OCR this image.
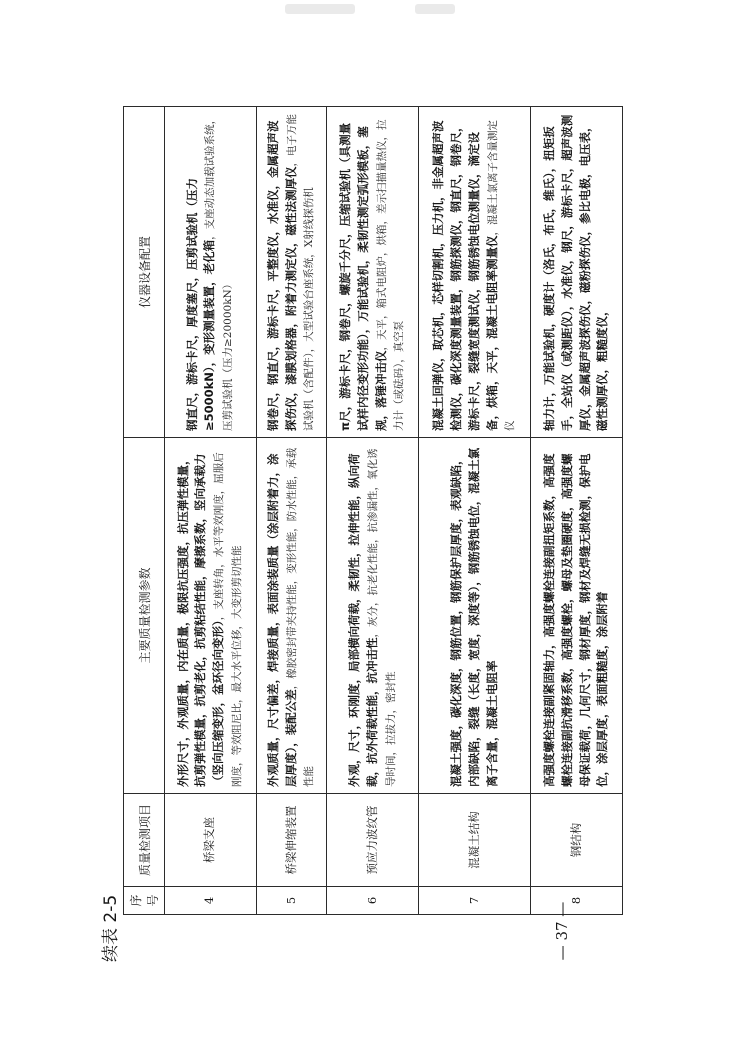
序号	质量检测项目	主要质量检测参数	仪器设备配置
4	桥梁支座	外形尺寸，外观质量，内在质量，极限抗压强度，抗压弹性模量，抗剪弹性模量，抗剪老化，抗剪粘结性能，摩擦系数，竖向承载力（竖向压缩变形，盆环径向变形），支座转角，水平等效刚度，屈服后刚度，等效阻尼比，最大水平位移，大变形剪切性能	钢直尺，游标卡尺，厚度塞尺，压剪试验机（压力≥5000kN），变形测量装置，老化箱，支座动态加载试验系统，压剪试验机（压力≥20000kN）
5	桥梁伸缩装置	外观质量，尺寸偏差，焊接质量，表面涂装质量（涂层附着力，涂层厚度），装配公差，橡胶密封带夹持性能，变形性能，防水性能，承载性能	钢卷尺，钢直尺，游标卡尺，平整度仪，水准仪，金属超声波探伤仪，漆膜划格器，附着力测定仪，磁性法测厚仪，电子万能试验机（含配件），大型试验台座系统，X射线探伤机
6	预应力波纹管	外观，尺寸，环刚度，局部横向荷载，柔韧性，拉伸性能，纵向荷载，抗外荷载性能，抗冲击性，灰分，抗老化性能，抗渗漏性，氧化诱导时间，拉拔力，密封性	π尺，游标卡尺，钢卷尺，螺旋千分尺，压缩试验机（具测量试样内径变形功能），万能试验机，柔韧性测定弧形模板，塞规，落锤冲击仪，天平，箱式电阻炉，烘箱，差示扫描量热仪，拉力计（或砝码），真空泵
7	混凝土结构	混凝土强度，碳化深度，钢筋位置，钢筋保护层厚度，表观缺陷，内部缺陷，裂缝（长度，宽度，深度等），钢筋锈蚀电位，混凝土氯离子含量，混凝土电阻率	混凝土回弹仪，取芯机，芯样切割机，压力机，非金属超声波检测仪，碳化深度测量装置，钢筋探测仪，钢直尺，钢卷尺，游标卡尺，裂缝宽度测试仪，钢筋锈蚀电位测量仪，滴定设备，烘箱，天平，混凝土电阻率测量仪，混凝土氯离子含量测定仪
8	钢结构	高强度螺栓连接副紧固轴力，高强度螺栓连接副扭矩系数，高强度螺栓连接副抗滑移系数，高强度螺栓，螺母及垫圈硬度，高强度螺母保证载荷，几何尺寸，钢材厚度，钢材及焊缝无损检测，保护电位，涂层厚度，表面粗糙度，涂层附着	轴力计，万能试验机，硬度计（洛氏，布氏，维氏），扭矩扳手，全站仪（或测距仪），水准仪，钢尺，游标卡尺，超声波测厚仪，金属超声波探伤仪，磁粉探伤仪，参比电极，电压表，磁性测厚仪，粗糙度仪，
续表 2-5	— 37 —
